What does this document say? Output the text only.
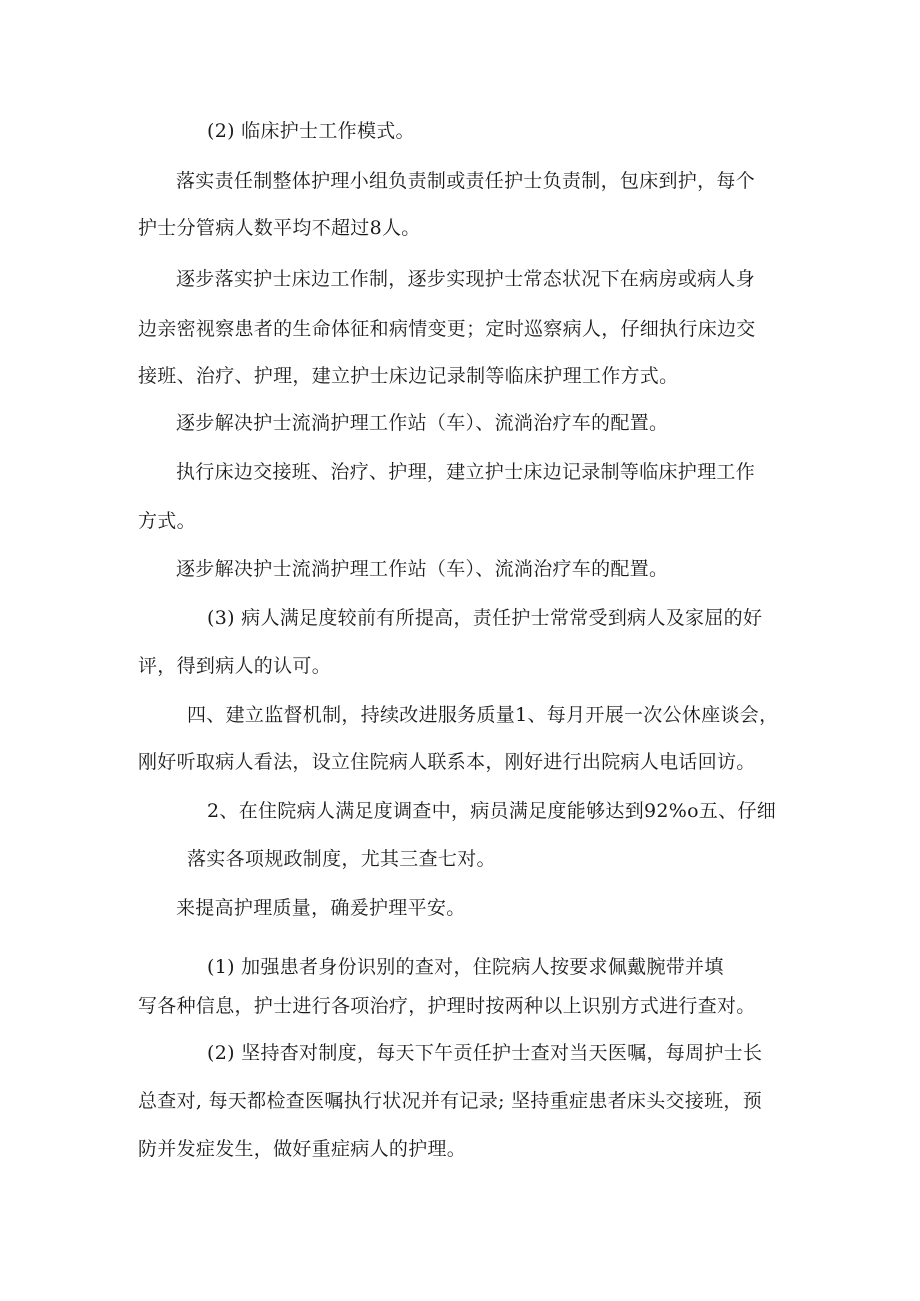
(2) 临床护士工作模式。
落实责任制整体护理小组负责制或责任护士负责制，包床到护，每个
护士分管病人数平均不超过8人。
逐步落实护士床边工作制，逐步实现护士常态状况下在病房或病人身
边亲密视察患者的生命体征和病情变更；定时巡察病人，仔细执行床边交
接班、治疗、护理，建立护士床边记录制等临床护理工作方式。
逐步解决护士流淌护理工作站（车）、流淌治疗车的配置。
执行床边交接班、治疗、护理，建立护士床边记录制等临床护理工作
方式。
逐步解决护士流淌护理工作站（车）、流淌治疗车的配置。
(3) 病人满足度较前有所提高，责任护士常常受到病人及家屈的好
评，得到病人的认可。
四、建立监督机制，持续改进服务质量1、每月开展一次公休座谈会，
刚好听取病人看法，设立住院病人联系本，刚好进行出院病人电话回访。
2、在住院病人满足度调查中，病员满足度能够达到92%o五、仔细
落实各项规政制度，尤其三查七对。
来提高护理质量，确爰护理平安。
(1) 加强患者身份识别的查对，住院病人按要求佩戴腕带并填
写各种信息，护士进行各项治疗，护理时按两种以上识别方式进行查对。
(2) 坚持杳对制度，每天下午贡任护士查对当天医嘱，每周护士长
总查对, 每天都检查医嘱执行状况并有记录; 坚持重症患者床头交接班，预
防并发症发生，做好重症病人的护理。
